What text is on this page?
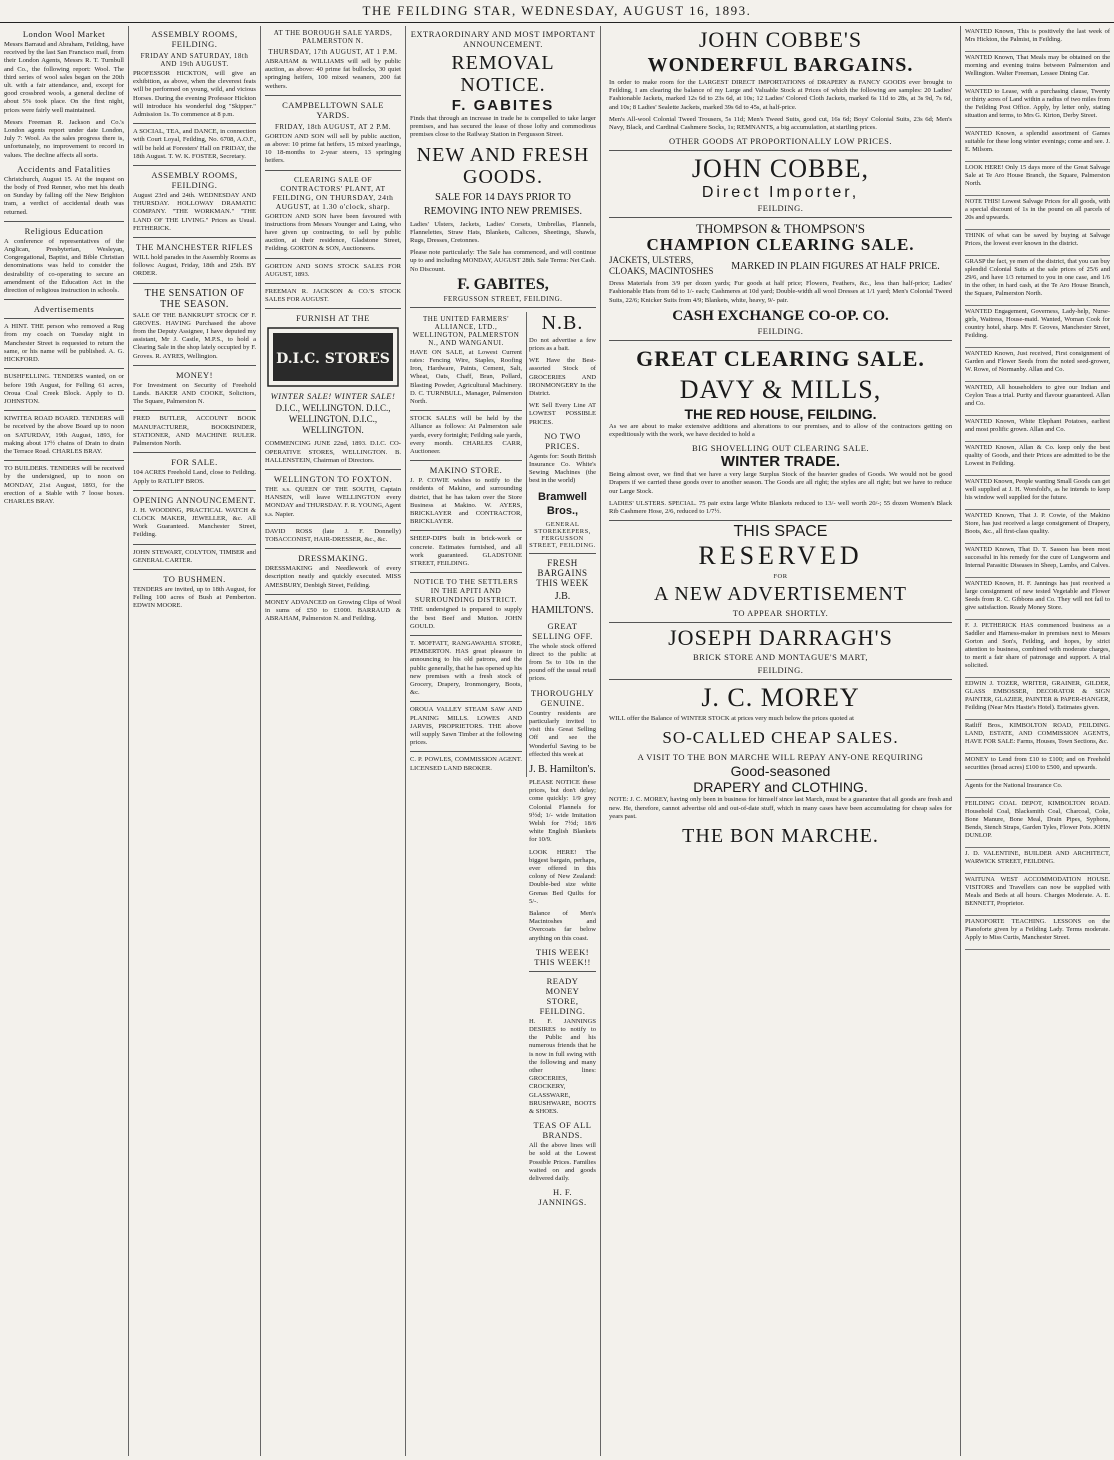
THE FEILDING STAR, WEDNESDAY, AUGUST 16, 1893.
London Wool Market

Messrs Barraud and Abraham, Feilding, have received by the last San Francisco mail, from their London Agents, Messrs R. T. Turnbull and Co., the following report: Wool. The third series of wool sales began on the 20th ult. with a fair attendance, and, except for good crossbred wools, a general decline of about 5% took place. On the first night, prices were fairly well maintained.

Messrs Freeman R. Jackson and Co.'s London agents report under date London, July 7: Wool. As the sales progress there is, unfortunately, no improvement to record in values. The decline affects all sorts.

Accidents and Fatalities

Christchurch, August 15. At the inquest on the body of Fred Renner, who met his death on Sunday by falling off the New Brighton tram, a verdict of accidental death was returned.

Religious Education

A conference of representatives of the Anglican, Presbyterian, Wesleyan, Congregational, Baptist, and Bible Christian denominations was held to consider the desirability of co-operating to secure an amendment of the Education Act in the direction of religious instruction in schools.

Advertisements

A HINT. THE person who removed a Rug from my coach on Tuesday night in Manchester Street is requested to return the same, or his name will be published. A. G. HICKFORD.

BUSHFELLING. TENDERS wanted, on or before 19th August, for Felling 61 acres, Oroua Coal Creek Block. Apply to D. JOHNSTON.

KIWITEA ROAD BOARD. TENDERS will be received by the above Board up to noon on SATURDAY, 19th August, 1893, for making about 17½ chains of Drain to drain the Terrace Road. CHARLES BRAY.

TO BUILDERS. TENDERS will be received by the undersigned, up to noon on MONDAY, 21st August, 1893, for the erection of a Stable with 7 loose boxes. CHARLES BRAY.

ASSEMBLY ROOMS, FEILDING.
FRIDAY AND SATURDAY, 18th AND 19th AUGUST.

PROFESSOR HICKTON, will give an exhibition, as above, when the cleverest feats will be performed on young, wild, and vicious Horses. During the evening Professor Hickton will introduce his wonderful dog "Skipper." Admission 1s. To commence at 8 p.m.

A SOCIAL, TEA, and DANCE, in connection with Court Loyal, Feilding, No. 6708, A.O.F., will be held at Foresters' Hall on FRIDAY, the 18th August. T. W. K. FOSTER, Secretary.

ASSEMBLY ROOMS, FEILDING.

August 23rd and 24th. WEDNESDAY AND THURSDAY. HOLLOWAY DRAMATIC COMPANY. "THE WORKMAN." "THE LAND OF THE LIVING." Prices as Usual. FETHERICK.

THE MANCHESTER RIFLES

WILL hold parades in the Assembly Rooms as follows: August, Friday, 18th and 25th. BY ORDER.

THE SENSATION OF THE SEASON.

SALE OF THE BANKRUPT STOCK OF F. GROVES. HAVING Purchased the above from the Deputy Assignee, I have deputed my assistant, Mr J. Castle, M.P.S., to hold a Clearing Sale in the shop lately occupied by F. Groves. R. AYRES, Wellington.

MONEY!

For Investment on Security of Freehold Lands. BAKER AND COOKE, Solicitors, The Square, Palmerston N.

FRED BUTLER, ACCOUNT BOOK MANUFACTURER, BOOKBINDER, STATIONER, AND MACHINE RULER. Palmerston North.

FOR SALE.

104 ACRES Freehold Land, close to Feilding. Apply to RATLIFF BROS.

OPENING ANNOUNCEMENT.

J. H. WOODING, PRACTICAL WATCH & CLOCK MAKER, JEWELLER, &c. All Work Guaranteed. Manchester Street, Feilding.

JOHN STEWART, COLYTON, TIMBER and GENERAL CARTER.

TO BUSHMEN.

TENDERS are invited, up to 18th August, for Felling 100 acres of Bush at Pemberton. EDWIN MOORE.

AT THE BOROUGH SALE YARDS, PALMERSTON N.
THURSDAY, 17th AUGUST, AT 1 P.M.

ABRAHAM & WILLIAMS will sell by public auction, as above: 40 prime fat bullocks, 30 quiet springing heifers, 100 mixed weaners, 200 fat wethers.

CAMPBELLTOWN SALE YARDS.
FRIDAY, 18th AUGUST, AT 2 P.M.

GORTON AND SON will sell by public auction, as above: 10 prime fat heifers, 15 mixed yearlings, 10 18-months to 2-year steers, 13 springing heifers.

CLEARING SALE OF CONTRACTORS' PLANT, AT FEILDING, ON THURSDAY, 24th AUGUST, at 1.30 o'clock, sharp.

GORTON AND SON have been favoured with instructions from Messrs Younger and Laing, who have given up contracting, to sell by public auction, at their residence, Gladstone Street, Feilding. GORTON & SON, Auctioneers.

GORTON AND SON'S STOCK SALES FOR AUGUST, 1893.

FREEMAN R. JACKSON & CO.'S STOCK SALES FOR AUGUST.

FURNISH AT THE
D.I.C. STORES
WINTER SALE! WINTER SALE!

D.I.C., WELLINGTON. D.I.C., WELLINGTON. D.I.C., WELLINGTON.

COMMENCING JUNE 22nd, 1893. D.I.C. CO-OPERATIVE STORES, WELLINGTON. B. HALLENSTEIN, Chairman of Directors.

WELLINGTON TO FOXTON.

THE s.s. QUEEN OF THE SOUTH, Captain HANSEN, will leave WELLINGTON every MONDAY and THURSDAY. F. R. YOUNG, Agent s.s. Napier.

DAVID ROSS (late J. F. Donnelly) TOBACCONIST, HAIR-DRESSER, &c., &c.

DRESSMAKING.

DRESSMAKING and Needlework of every description neatly and quickly executed. MISS AMESBURY, Denbigh Street, Feilding.

MONEY ADVANCED on Growing Clips of Wool in sums of £50 to £1000. BARRAUD & ABRAHAM, Palmerston N. and Feilding.

EXTRAORDINARY AND MOST IMPORTANT ANNOUNCEMENT.
REMOVAL NOTICE.
F. GABITES

Finds that through an increase in trade he is compelled to take larger premises, and has secured the lease of those lofty and commodious premises close to the Railway Station in Fergusson Street.

NEW AND FRESH GOODS.
SALE FOR 14 DAYS PRIOR TO REMOVING INTO NEW PREMISES.

Ladies' Ulsters, Jackets, Ladies' Corsets, Umbrellas, Flannels, Flannelettes, Straw Hats, Blankets, Calicoes, Sheetings, Shawls, Rugs, Dresses, Cretonnes.

Please note particularly: The Sale has commenced, and will continue up to and including MONDAY, AUGUST 28th. Sale Terms: Net Cash. No Discount.

F. GABITES,
FERGUSSON STREET, FEILDING.
THE UNITED FARMERS' ALLIANCE, LTD., WELLINGTON, PALMERSTON N., AND WANGANUI.

HAVE ON SALE, at Lowest Current rates: Fencing Wire, Staples, Roofing Iron, Hardware, Paints, Cement, Salt, Wheat, Oats, Chaff, Bran, Pollard, Blasting Powder, Agricultural Machinery. D. C. TURNBULL, Manager, Palmerston North.

STOCK SALES will be held by the Alliance as follows: At Palmerston sale yards, every fortnight; Feilding sale yards, every month. CHARLES CARR, Auctioneer.

MAKINO STORE.

J. P. COWIE wishes to notify to the residents of Makino, and surrounding district, that he has taken over the Store Business at Makino. W. AYERS, BRICKLAYER and CONTRACTOR, BRICKLAYER.

SHEEP-DIPS built in brick-work or concrete. Estimates furnished, and all work guaranteed. GLADSTONE STREET, FEILDING.

NOTICE TO THE SETTLERS IN THE APITI AND SURROUNDING DISTRICT.

THE undersigned is prepared to supply the best Beef and Mutton. JOHN GOULD.

T. MOFFATT, RANGAWAHIA STORE, PEMBERTON. HAS great pleasure in announcing to his old patrons, and the public generally, that he has opened up his new premises with a fresh stock of Grocery, Drapery, Ironmongery, Boots, &c.

OROUA VALLEY STEAM SAW AND PLANING MILLS. LOWES AND JARVIS, PROPRIETORS. THE above will supply Sawn Timber at the following prices.

C. P. POWLES, COMMISSION AGENT. LICENSED LAND BROKER.

N.B.

Do not advertise a few prices as a bait.

WE Have the Best-assorted Stock of GROCERIES AND IRONMONGERY In the District.

WE Sell Every Line AT LOWEST POSSIBLE PRICES.

NO TWO PRICES.

Agents for: South British Insurance Co. White's Sewing Machines (the best in the world)

Bramwell Bros.,
GENERAL STOREKEEPERS, FERGUSSON STREET, FEILDING.
FRESH BARGAINS THIS WEEK
J.B. HAMILTON'S.
GREAT SELLING OFF.

The whole stock offered direct to the public at from 5s to 10s in the pound off the usual retail prices.

THOROUGHLY GENUINE.

Country residents are particularly invited to visit this Great Selling Off and see the Wonderful Saving to be effected this week at

J. B. Hamilton's.

PLEASE NOTICE these prices, but don't delay; come quickly: 1/9 grey Colonial Flannels for 9½d; 1/- wide Imitation Welsh for 7½d; 18/6 white English Blankets for 10/9.

LOOK HERE! The biggest bargain, perhaps, ever offered in this colony of New Zealand: Double-bed size white Grenas Bed Quilts for 5/-.

Balance of Men's Macintoshes and Overcoats far below anything on this coast.

THIS WEEK! THIS WEEK!!
READY MONEY STORE, FEILDING.

H. F. JANNINGS DESIRES to notify to the Public and his numerous friends that he is now in full swing with the following and many other lines: GROCERIES, CROCKERY, GLASSWARE, BRUSHWARE, BOOTS & SHOES.

TEAS OF ALL BRANDS.

All the above lines will be sold at the Lowest Possible Prices. Families waited on and goods delivered daily.

H. F. JANNINGS.
JOHN COBBE'S
WONDERFUL BARGAINS.

In order to make room for the LARGEST DIRECT IMPORTATIONS of DRAPERY & FANCY GOODS ever brought to Feilding, I am clearing the balance of my Large and Valuable Stock at Prices of which the following are samples: 20 Ladies' Fashionable Jackets, marked 12s 6d to 23s 6d, at 10s; 12 Ladies' Colored Cloth Jackets, marked 6s 11d to 28s, at 3s 9d, 7s 6d, and 10s; 8 Ladies' Sealette Jackets, marked 39s 6d to 45s, at half-price.

Men's All-wool Colonial Tweed Trousers, 5s 11d; Men's Tweed Suits, good cut, 16s 6d; Boys' Colonial Suits, 23s 6d; Men's Navy, Black, and Cardinal Cashmere Socks, 1s; REMNANTS, a big accumulation, at startling prices.

OTHER GOODS AT PROPORTIONALLY LOW PRICES.
JOHN COBBE,
Direct Importer,
FEILDING.
THOMPSON & THOMPSON'S
CHAMPION CLEARING SALE.
JACKETS, ULSTERS, CLOAKS, MACINTOSHES	MARKED IN PLAIN FIGURES AT HALF PRICE.

Dress Materials from 3/9 per dozen yards; Fur goods at half price; Flowers, Feathers, &c., less than half-price; Ladies' Fashionable Hats from 6d to 1/- each; Cashmeres at 10d yard; Double-width all wool Dresses at 1/1 yard; Men's Colonial Tweed Suits, 22/6; Knicker Suits from 4/9; Blankets, white, heavy, 9/- pair.

CASH EXCHANGE CO-OP. CO.
FEILDING.
GREAT CLEARING SALE.
DAVY & MILLS,
THE RED HOUSE, FEILDING.

As we are about to make extensive additions and alterations to our premises, and to allow of the contractors getting on expeditiously with the work, we have decided to hold a

BIG SHOVELLING OUT CLEARING SALE.
WINTER TRADE.

Being almost over, we find that we have a very large Surplus Stock of the heavier grades of Goods. We would not be good Drapers if we carried these goods over to another season. The Goods are all right; the styles are all right; but we have to reduce our Large Stock.

LADIES' ULSTERS. SPECIAL. 75 pair extra large White Blankets reduced to 13/- well worth 20/-; 55 dozen Women's Black Rib Cashmere Hose, 2/6, reduced to 1/7½.

THIS SPACE
RESERVED
FOR
A NEW ADVERTISEMENT
TO APPEAR SHORTLY.
JOSEPH DARRAGH'S
BRICK STORE AND MONTAGUE'S MART,
FEILDING.
J. C. MOREY

WILL offer the Balance of WINTER STOCK at prices very much below the prices quoted at

SO-CALLED CHEAP SALES.
A VISIT TO THE BON MARCHE WILL REPAY ANY-ONE REQUIRING
Good-seasoned
DRAPERY and CLOTHING.

NOTE: J. C. MOREY, having only been in business for himself since last March, must be a guarantee that all goods are fresh and new. He, therefore, cannot advertise old and out-of-date stuff, which in many cases have been accumulating for cheap sales for years past.

THE BON MARCHE.

WANTED Known, This is positively the last week of Mrs Hickton, the Palmist, in Feilding.

WANTED Known, That Meals may be obtained on the morning and evening trains between Palmerston and Wellington. Walter Freeman, Lessee Dining Car.

WANTED to Lease, with a purchasing clause, Twenty or thirty acres of Land within a radius of two miles from the Feilding Post Office. Apply, by letter only, stating situation and terms, to Mrs G. Kirton, Derby Street.

WANTED Known, a splendid assortment of Games suitable for these long winter evenings; come and see. J. E. Milsom.

LOOK HERE! Only 15 days more of the Great Salvage Sale at Te Aro House Branch, the Square, Palmerston North.

NOTE THIS! Lowest Salvage Prices for all goods, with a special discount of 1s in the pound on all parcels of 20s and upwards.

THINK of what can be saved by buying at Salvage Prices, the lowest ever known in the district.

GRASP the fact, ye men of the district, that you can buy splendid Colonial Suits at the sale prices of 25/6 and 29/6, and have 1/3 returned to you in one case, and 1/6 in the other, in hard cash, at the Te Aro House Branch, the Square, Palmerston North.

WANTED Engagement, Governess, Lady-help, Nurse-girls, Waitress, House-maid. Wanted, Woman Cook for country hotel, sharp. Mrs F. Groves, Manchester Street, Feilding.

WANTED Known, Just received, First consignment of Garden and Flower Seeds from the noted seed-grower, W. Rowe, of Normanby. Allan and Co.

WANTED, All householders to give our Indian and Ceylon Teas a trial. Purity and flavour guaranteed. Allan and Co.

WANTED Known, White Elephant Potatoes, earliest and most prolific grown. Allan and Co.

WANTED Known, Allan & Co. keep only the best quality of Goods, and their Prices are admitted to be the Lowest in Feilding.

WANTED Known, People wanting Small Goods can get well supplied at J. H. Worsfold's, as he intends to keep his window well supplied for the future.

WANTED Known, That J. P. Cowie, of the Makino Store, has just received a large consignment of Drapery, Boots, &c., all first-class quality.

WANTED Known, That D. T. Sasson has been most successful in his remedy for the cure of Lungworm and Internal Parasitic Diseases in Sheep, Lambs, and Calves.

WANTED Known, H. F. Jannings has just received a large consignment of new tested Vegetable and Flower Seeds from R. C. Gibbons and Co. They will not fail to give satisfaction. Ready Money Store.

F. J. PETHERICK HAS commenced business as a Saddler and Harness-maker in premises next to Messrs Gorton and Son's, Feilding, and hopes, by strict attention to business, combined with moderate charges, to merit a fair share of patronage and support. A trial solicited.

EDWIN J. TOZER, WRITER, GRAINER, GILDER, GLASS EMBOSSER, DECORATOR & SIGN PAINTER, GLAZIER, PAINTER & PAPER-HANGER, Feilding (Near Mrs Hastie's Hotel). Estimates given.

Ratliff Bros., KIMBOLTON ROAD, FEILDING. LAND, ESTATE, AND COMMISSION AGENTS, HAVE FOR SALE: Farms, Houses, Town Sections, &c.

MONEY to Lend from £10 to £100; and on Freehold securities (broad acres) £100 to £500, and upwards.

Agents for the National Insurance Co.

FEILDING COAL DEPOT, KIMBOLTON ROAD. Household Coal, Blacksmith Coal, Charcoal, Coke, Bone Manure, Bone Meal, Drain Pipes, Syphons, Bends, Stench Straps, Garden Tyles, Flower Pots. JOHN DUNLOP.

J. D. VALENTINE, BUILDER AND ARCHITECT, WARWICK STREET, FEILDING.

WAITUNA WEST ACCOMMODATION HOUSE. VISITORS and Travellers can now be supplied with Meals and Beds at all hours. Charges Moderate. A. E. BENNETT, Proprietor.

PIANOFORTE TEACHING. LESSONS on the Pianoforte given by a Feilding Lady. Terms moderate. Apply to Miss Curtis, Manchester Street.
